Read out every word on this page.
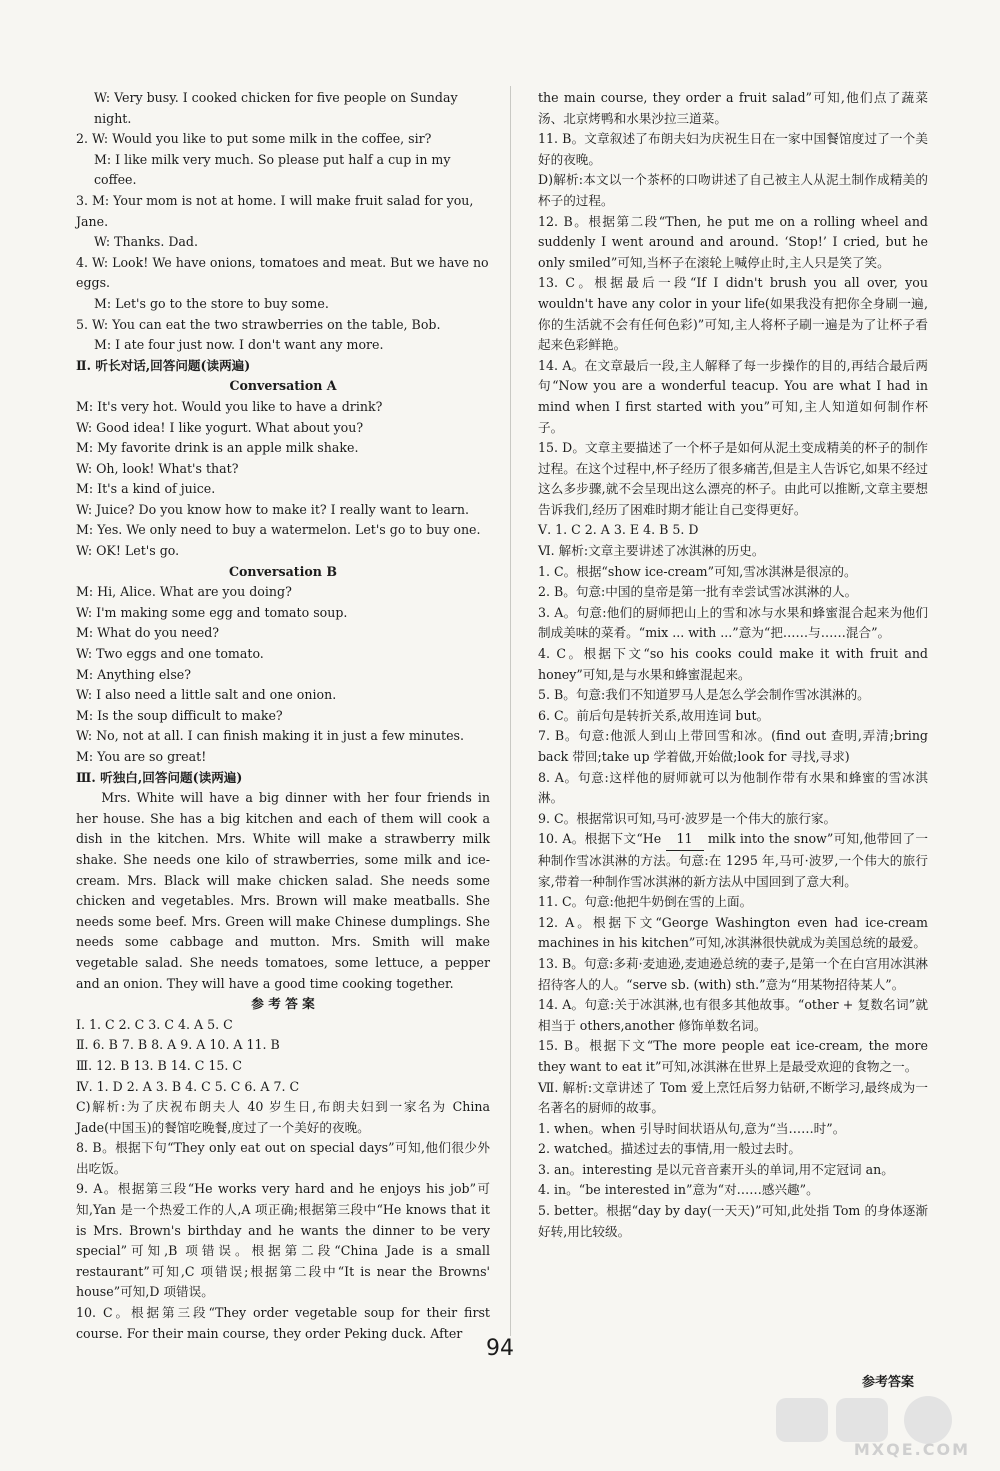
W: Very busy. I cooked chicken for five people on Sunday night.
2. W: Would you like to put some milk in the coffee, sir?
M: I like milk very much. So please put half a cup in my coffee.
3. M: Your mom is not at home. I will make fruit salad for you, Jane.
W: Thanks. Dad.
4. W: Look! We have onions, tomatoes and meat. But we have no eggs.
M: Let's go to the store to buy some.
5. W: You can eat the two strawberries on the table, Bob.
M: I ate four just now. I don't want any more.
Ⅱ. 听长对话,回答问题(读两遍)
Conversation A
M: It's very hot. Would you like to have a drink?
W: Good idea! I like yogurt. What about you?
M: My favorite drink is an apple milk shake.
W: Oh, look! What's that?
M: It's a kind of juice.
W: Juice? Do you know how to make it? I really want to learn.
M: Yes. We only need to buy a watermelon. Let's go to buy one.
W: OK! Let's go.
Conversation B
M: Hi, Alice. What are you doing?
W: I'm making some egg and tomato soup.
M: What do you need?
W: Two eggs and one tomato.
M: Anything else?
W: I also need a little salt and one onion.
M: Is the soup difficult to make?
W: No, not at all. I can finish making it in just a few minutes.
M: You are so great!
Ⅲ. 听独白,回答问题(读两遍)
Mrs. White will have a big dinner with her four friends in her house. She has a big kitchen and each of them will cook a dish in the kitchen. Mrs. White will make a strawberry milk shake. She needs one kilo of strawberries, some milk and ice-cream. Mrs. Black will make chicken salad. She needs some chicken and vegetables. Mrs. Brown will make meatballs. She needs some beef. Mrs. Green will make Chinese dumplings. She needs some cabbage and mutton. Mrs. Smith will make vegetable salad. She needs tomatoes, some lettuce, a pepper and an onion. They will have a good time cooking together.
参 考 答 案
Ⅰ. 1. C 2. C 3. C 4. A 5. C
Ⅱ. 6. B 7. B 8. A 9. A 10. A 11. B
Ⅲ. 12. B 13. B 14. C 15. C
Ⅳ. 1. D 2. A 3. B 4. C 5. C 6. A 7. C
C)解析:为了庆祝布朗夫人 40 岁生日,布朗夫妇到一家名为 China Jade(中国玉)的餐馆吃晚餐,度过了一个美好的夜晚。
8. B。根据下句“They only eat out on special days”可知,他们很少外出吃饭。
9. A。根据第三段“He works very hard and he enjoys his job”可知,Yan 是一个热爱工作的人,A 项正确;根据第三段中“He knows that it is Mrs. Brown's birthday and he wants the dinner to be very special”可知,B 项错误。根据第二段“China Jade is a small restaurant”可知,C 项错误;根据第二段中“It is near the Browns' house”可知,D 项错误。
10. C。根据第三段“They order vegetable soup for their first course. For their main course, they order Peking duck. After
the main course, they order a fruit salad”可知,他们点了蔬菜汤、北京烤鸭和水果沙拉三道菜。
11. B。文章叙述了布朗夫妇为庆祝生日在一家中国餐馆度过了一个美好的夜晚。
D)解析:本文以一个茶杯的口吻讲述了自己被主人从泥土制作成精美的杯子的过程。
12. B。根据第二段“Then, he put me on a rolling wheel and suddenly I went around and around. ‘Stop!’ I cried, but he only smiled”可知,当杯子在滚轮上喊停止时,主人只是笑了笑。
13. C。根据最后一段“If I didn't brush you all over, you wouldn't have any color in your life(如果我没有把你全身刷一遍,你的生活就不会有任何色彩)”可知,主人将杯子刷一遍是为了让杯子看起来色彩鲜艳。
14. A。在文章最后一段,主人解释了每一步操作的目的,再结合最后两句“Now you are a wonderful teacup. You are what I had in mind when I first started with you”可知,主人知道如何制作杯子。
15. D。文章主要描述了一个杯子是如何从泥土变成精美的杯子的制作过程。在这个过程中,杯子经历了很多痛苦,但是主人告诉它,如果不经过这么多步骤,就不会呈现出这么漂亮的杯子。由此可以推断,文章主要想告诉我们,经历了困难时期才能让自己变得更好。
Ⅴ. 1. C 2. A 3. E 4. B 5. D
Ⅵ. 解析:文章主要讲述了冰淇淋的历史。
1. C。根据“show ice-cream”可知,雪冰淇淋是很凉的。
2. B。句意:中国的皇帝是第一批有幸尝试雪冰淇淋的人。
3. A。句意:他们的厨师把山上的雪和冰与水果和蜂蜜混合起来为他们制成美味的菜肴。“mix ... with ...”意为“把……与……混合”。
4. C。根据下文“so his cooks could make it with fruit and honey”可知,是与水果和蜂蜜混起来。
5. B。句意:我们不知道罗马人是怎么学会制作雪冰淇淋的。
6. C。前后句是转折关系,故用连词 but。
7. B。句意:他派人到山上带回雪和冰。(find out 查明,弄清;bring back 带回;take up 学着做,开始做;look for 寻找,寻求)
8. A。句意:这样他的厨师就可以为他制作带有水果和蜂蜜的雪冰淇淋。
9. C。根据常识可知,马可·波罗是一个伟大的旅行家。
10. A。根据下文“He 11 milk into the snow”可知,他带回了一种制作雪冰淇淋的方法。句意:在 1295 年,马可·波罗,一个伟大的旅行家,带着一种制作雪冰淇淋的新方法从中国回到了意大利。
11. C。句意:他把牛奶倒在雪的上面。
12. A。根据下文“George Washington even had ice-cream machines in his kitchen”可知,冰淇淋很快就成为美国总统的最爱。
13. B。句意:多莉·麦迪逊,麦迪逊总统的妻子,是第一个在白宫用冰淇淋招待客人的人。“serve sb. (with) sth.”意为“用某物招待某人”。
14. A。句意:关于冰淇淋,也有很多其他故事。“other + 复数名词”就相当于 others,another 修饰单数名词。
15. B。根据下文“The more people eat ice-cream, the more they want to eat it”可知,冰淇淋在世界上是最受欢迎的食物之一。
Ⅶ. 解析:文章讲述了 Tom 爱上烹饪后努力钻研,不断学习,最终成为一名著名的厨师的故事。
1. when。when 引导时间状语从句,意为“当……时”。
2. watched。描述过去的事情,用一般过去时。
3. an。interesting 是以元音音素开头的单词,用不定冠词 an。
4. in。“be interested in”意为“对……感兴趣”。
5. better。根据“day by day(一天天)”可知,此处指 Tom 的身体逐渐好转,用比较级。
94
参考答案
MXQE.COM
